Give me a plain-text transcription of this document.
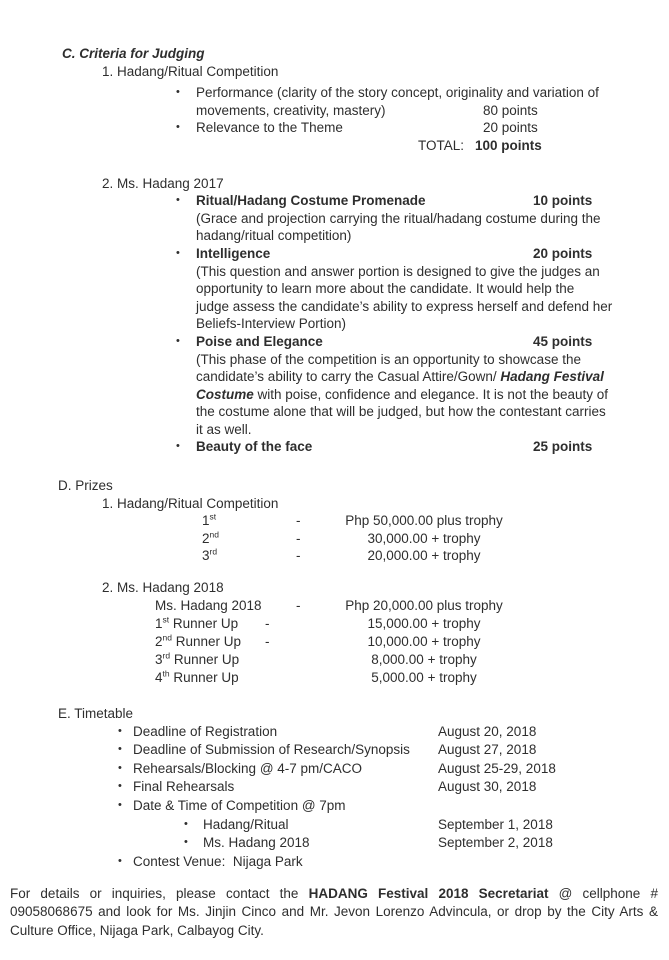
C. Criteria for Judging
1. Hadang/Ritual Competition
• Performance (clarity of the story concept, originality and variation of
movements, creativity, mastery)	80 points
• Relevance to the Theme	20 points
TOTAL: 100 points
2. Ms. Hadang 2017
• Ritual/Hadang Costume Promenade	10 points
(Grace and projection carrying the ritual/hadang costume during the
hadang/ritual competition)
• Intelligence	20 points
(This question and answer portion is designed to give the judges an
opportunity to learn more about the candidate. It would help the
judge assess the candidate’s ability to express herself and defend her
Beliefs-Interview Portion)
• Poise and Elegance	45 points
(This phase of the competition is an opportunity to showcase the
candidate’s ability to carry the Casual Attire/Gown/ Hadang Festival
Costume with poise, confidence and elegance. It is not the beauty of
the costume alone that will be judged, but how the contestant carries
it as well.
• Beauty of the face	25 points
D. Prizes
1. Hadang/Ritual Competition
1st	-	Php 50,000.00 plus trophy
2nd	-	30,000.00 + trophy
3rd	-	20,000.00 + trophy
2. Ms. Hadang 2018
Ms. Hadang 2018	-	Php 20,000.00 plus trophy
1st Runner Up -	15,000.00 + trophy
2nd Runner Up -	10,000.00 + trophy
3rd Runner Up	8,000.00 + trophy
4th Runner Up	5,000.00 + trophy
E. Timetable
• Deadline of Registration	August 20, 2018
• Deadline of Submission of Research/Synopsis August 27, 2018
• Rehearsals/Blocking @ 4-7 pm/CACO	August 25-29, 2018
• Final Rehearsals	August 30, 2018
• Date & Time of Competition @ 7pm
• Hadang/Ritual	September 1, 2018
• Ms. Hadang 2018	September 2, 2018
• Contest Venue:  Nijaga Park
For details or inquiries, please contact the HADANG Festival 2018 Secretariat @ cellphone # 09058068675 and look for Ms. Jinjin Cinco and Mr. Jevon Lorenzo Advincula, or drop by the City Arts & Culture Office, Nijaga Park, Calbayog City.
